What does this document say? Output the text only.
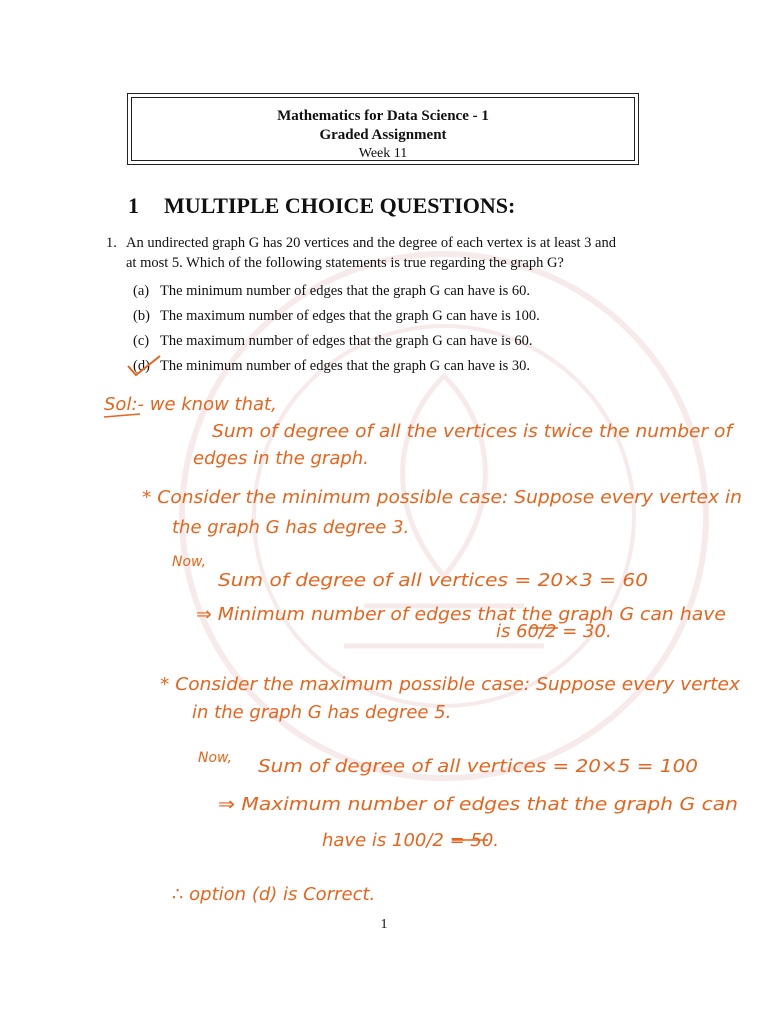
Mathematics for Data Science - 1
Graded Assignment
Week 11
1 MULTIPLE CHOICE QUESTIONS:
1. An undirected graph G has 20 vertices and the degree of each vertex is at least 3 and
at most 5. Which of the following statements is true regarding the graph G?
(a) The minimum number of edges that the graph G can have is 60.
(b) The maximum number of edges that the graph G can have is 100.
(c) The maximum number of edges that the graph G can have is 60.
(d) The minimum number of edges that the graph G can have is 30.
Sol:- we know that,
Sum of degree of all the vertices is twice the number of
edges in the graph.
* Consider the minimum possible case: Suppose every vertex in
the graph G has degree 3.
Now,
Sum of degree of all vertices = 20×3 = 60
⇒ Minimum number of edges that the graph G can have
is 60/2 = 30.
* Consider the maximum possible case: Suppose every vertex
in the graph G has degree 5.
Now, Sum of degree of all vertices = 20×5 = 100
⇒ Maximum number of edges that the graph G can
have is 100/2 = 50.
∴ option (d) is Correct.
1
